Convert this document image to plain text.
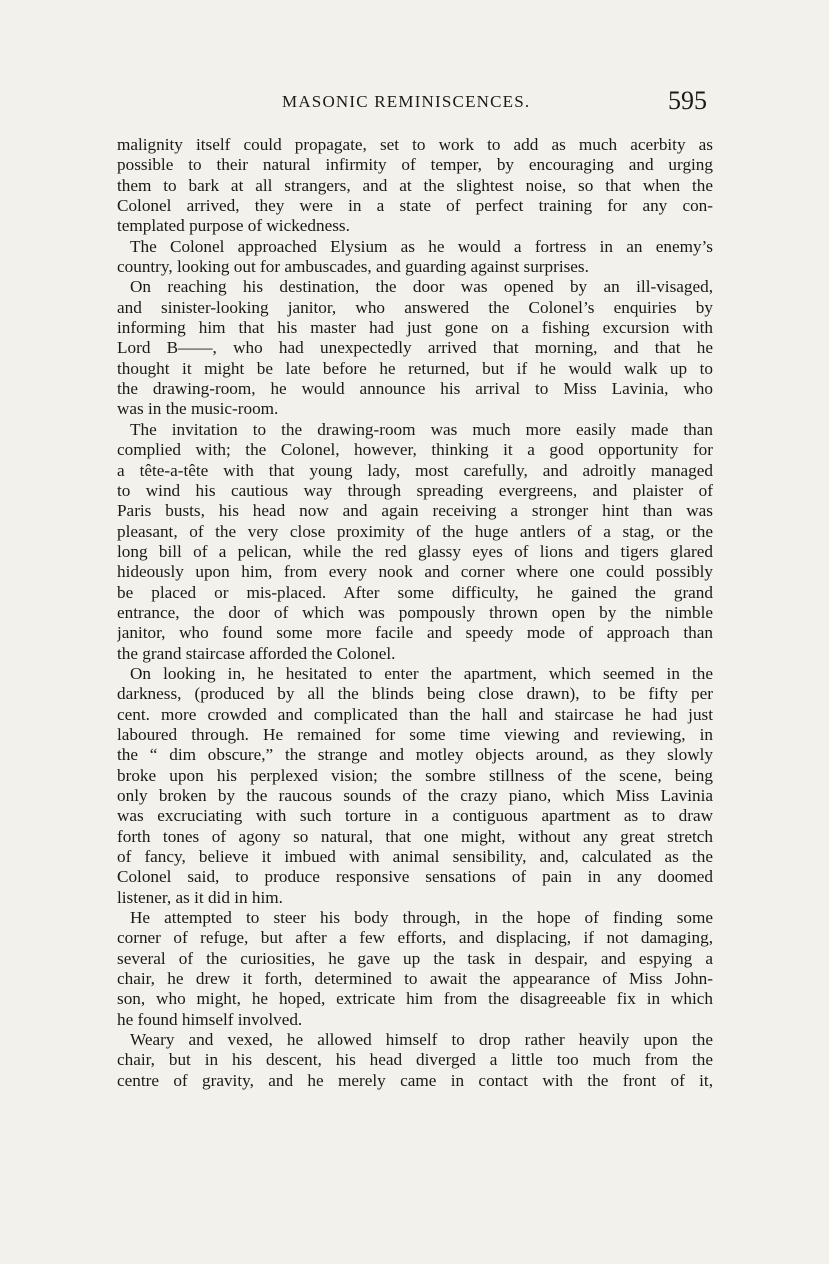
MASONIC REMINISCENCES.	595
malignity itself could propagate, set to work to add as much acerbity as
possible to their natural infirmity of temper, by encouraging and urging
them to bark at all strangers, and at the slightest noise, so that when the
Colonel arrived, they were in a state of perfect training for any con-
templated purpose of wickedness.
The Colonel approached Elysium as he would a fortress in an enemy’s
country, looking out for ambuscades, and guarding against surprises.
On reaching his destination, the door was opened by an ill-visaged,
and sinister-looking janitor, who answered the Colonel’s enquiries by
informing him that his master had just gone on a fishing excursion with
Lord B——, who had unexpectedly arrived that morning, and that he
thought it might be late before he returned, but if he would walk up to
the drawing-room, he would announce his arrival to Miss Lavinia, who
was in the music-room.
The invitation to the drawing-room was much more easily made than
complied with; the Colonel, however, thinking it a good opportunity for
a tête-a-tête with that young lady, most carefully, and adroitly managed
to wind his cautious way through spreading evergreens, and plaister of
Paris busts, his head now and again receiving a stronger hint than was
pleasant, of the very close proximity of the huge antlers of a stag, or the
long bill of a pelican, while the red glassy eyes of lions and tigers glared
hideously upon him, from every nook and corner where one could possibly
be placed or mis-placed. After some difficulty, he gained the grand
entrance, the door of which was pompously thrown open by the nimble
janitor, who found some more facile and speedy mode of approach than
the grand staircase afforded the Colonel.
On looking in, he hesitated to enter the apartment, which seemed in the
darkness, (produced by all the blinds being close drawn), to be fifty per
cent. more crowded and complicated than the hall and staircase he had just
laboured through. He remained for some time viewing and reviewing, in
the “ dim obscure,” the strange and motley objects around, as they slowly
broke upon his perplexed vision; the sombre stillness of the scene, being
only broken by the raucous sounds of the crazy piano, which Miss Lavinia
was excruciating with such torture in a contiguous apartment as to draw
forth tones of agony so natural, that one might, without any great stretch
of fancy, believe it imbued with animal sensibility, and, calculated as the
Colonel said, to produce responsive sensations of pain in any doomed
listener, as it did in him.
He attempted to steer his body through, in the hope of finding some
corner of refuge, but after a few efforts, and displacing, if not damaging,
several of the curiosities, he gave up the task in despair, and espying a
chair, he drew it forth, determined to await the appearance of Miss John-
son, who might, he hoped, extricate him from the disagreeable fix in which
he found himself involved.
Weary and vexed, he allowed himself to drop rather heavily upon the
chair, but in his descent, his head diverged a little too much from the
centre of gravity, and he merely came in contact with the front of it,
